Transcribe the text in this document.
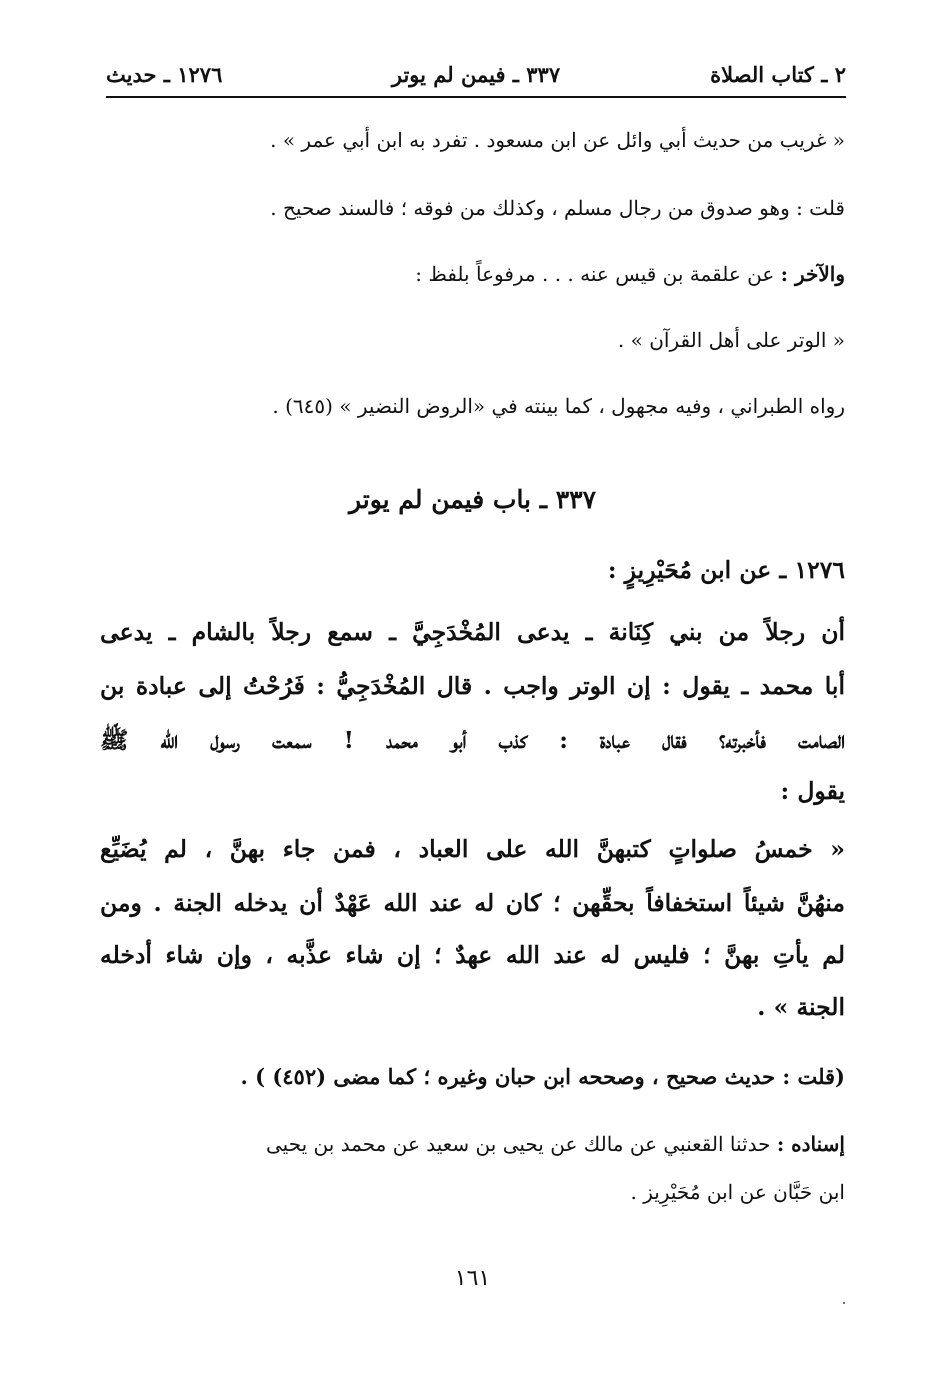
٢ ـ كتاب الصلاة
٣٣٧ ـ فيمن لم يوتر
١٢٧٦ ـ حديث
« غريب من حديث أبي وائل عن ابن مسعود . تفرد به ابن أبي عمر » .
قلت : وهو صدوق من رجال مسلم ، وكذلك من فوقه ؛ فالسند صحيح .
والآخر : عن علقمة بن قيس عنه . . . مرفوعاً بلفظ :
« الوتر على أهل القرآن » .
رواه الطبراني ، وفيه مجهول ، كما بينته في «الروض النضير » (٦٤٥) .
٣٣٧ ـ باب فيمن لم يوتر
١٢٧٦ ـ عن ابن مُحَيْرِيزٍ :
أن رجلاً من بني كِنَانة ـ يدعى المُخْدَجِيَّ ـ سمع رجلاً بالشام ـ يدعى
أبا محمد ـ يقول : إن الوتر واجب . قال المُخْدَجِيُّ : فَرُحْتُ إلى عبادة بن
الصامت فأخبرته؟ فقال عبادة : كذب أبو محمد ! سمعت رسول الله ﷺ
يقول :
« خمسُ صلواتٍ كتبهنَّ الله على العباد ، فمن جاء بهنَّ ، لم يُضَيِّع
منهُنَّ شيئاً استخفافاً بحقِّهن ؛ كان له عند الله عَهْدٌ أن يدخله الجنة . ومن
لم يأتِ بهنَّ ؛ فليس له عند الله عهدٌ ؛ إن شاء عذَّبه ، وإن شاء أدخله
الجنة » .
(قلت : حديث صحيح ، وصححه ابن حبان وغيره ؛ كما مضى (٤٥٢) ) .
إسناده : حدثنا القعنبي عن مالك عن يحيى بن سعيد عن محمد بن يحيى
ابن حَبَّان عن ابن مُحَيْرِيز .
١٦١
